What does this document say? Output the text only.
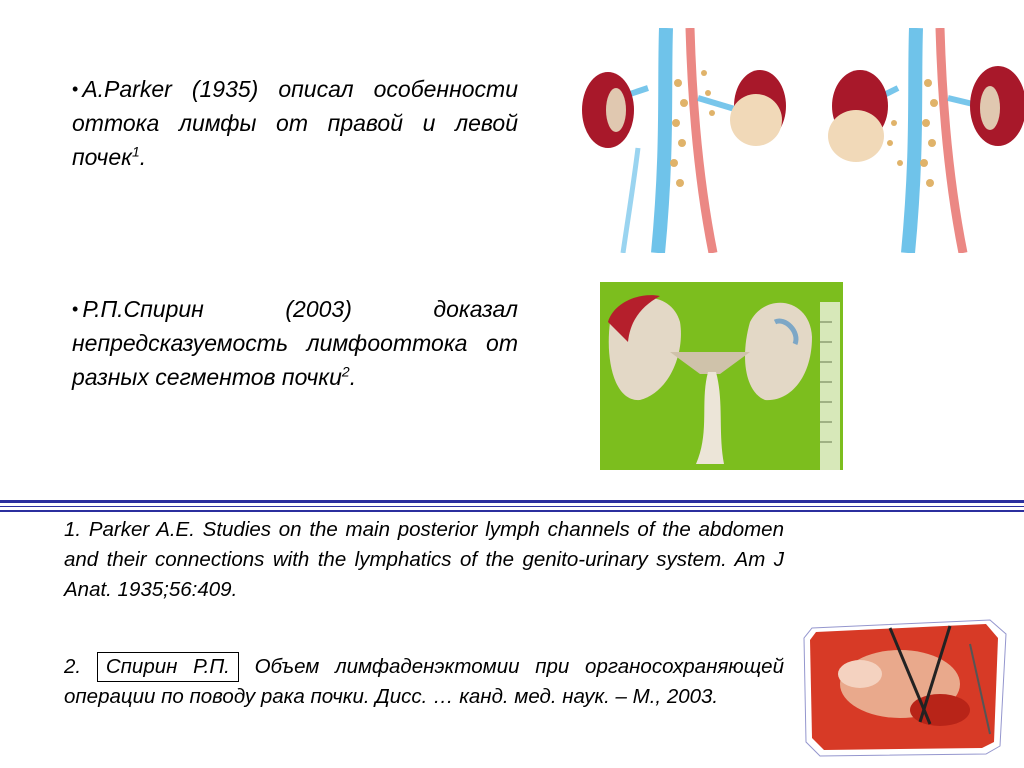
• A.Parker (1935) описал особенности оттока лимфы от правой и левой почек$^1$.
• Р.П.Спирин (2003) доказал непредсказуемость лимфооттока от разных сегментов почки$^2$.
1. Parker A.E. Studies on the main posterior lymph channels of the abdomen and their connections with the lymphatics of the genito-urinary system. Am J Anat. 1935;56:409.
2. Спирин Р.П. Объем лимфаденэктомии при органосохраняющей операции по поводу рака почки. Дисс. … канд. мед. наук. – М., 2003.
